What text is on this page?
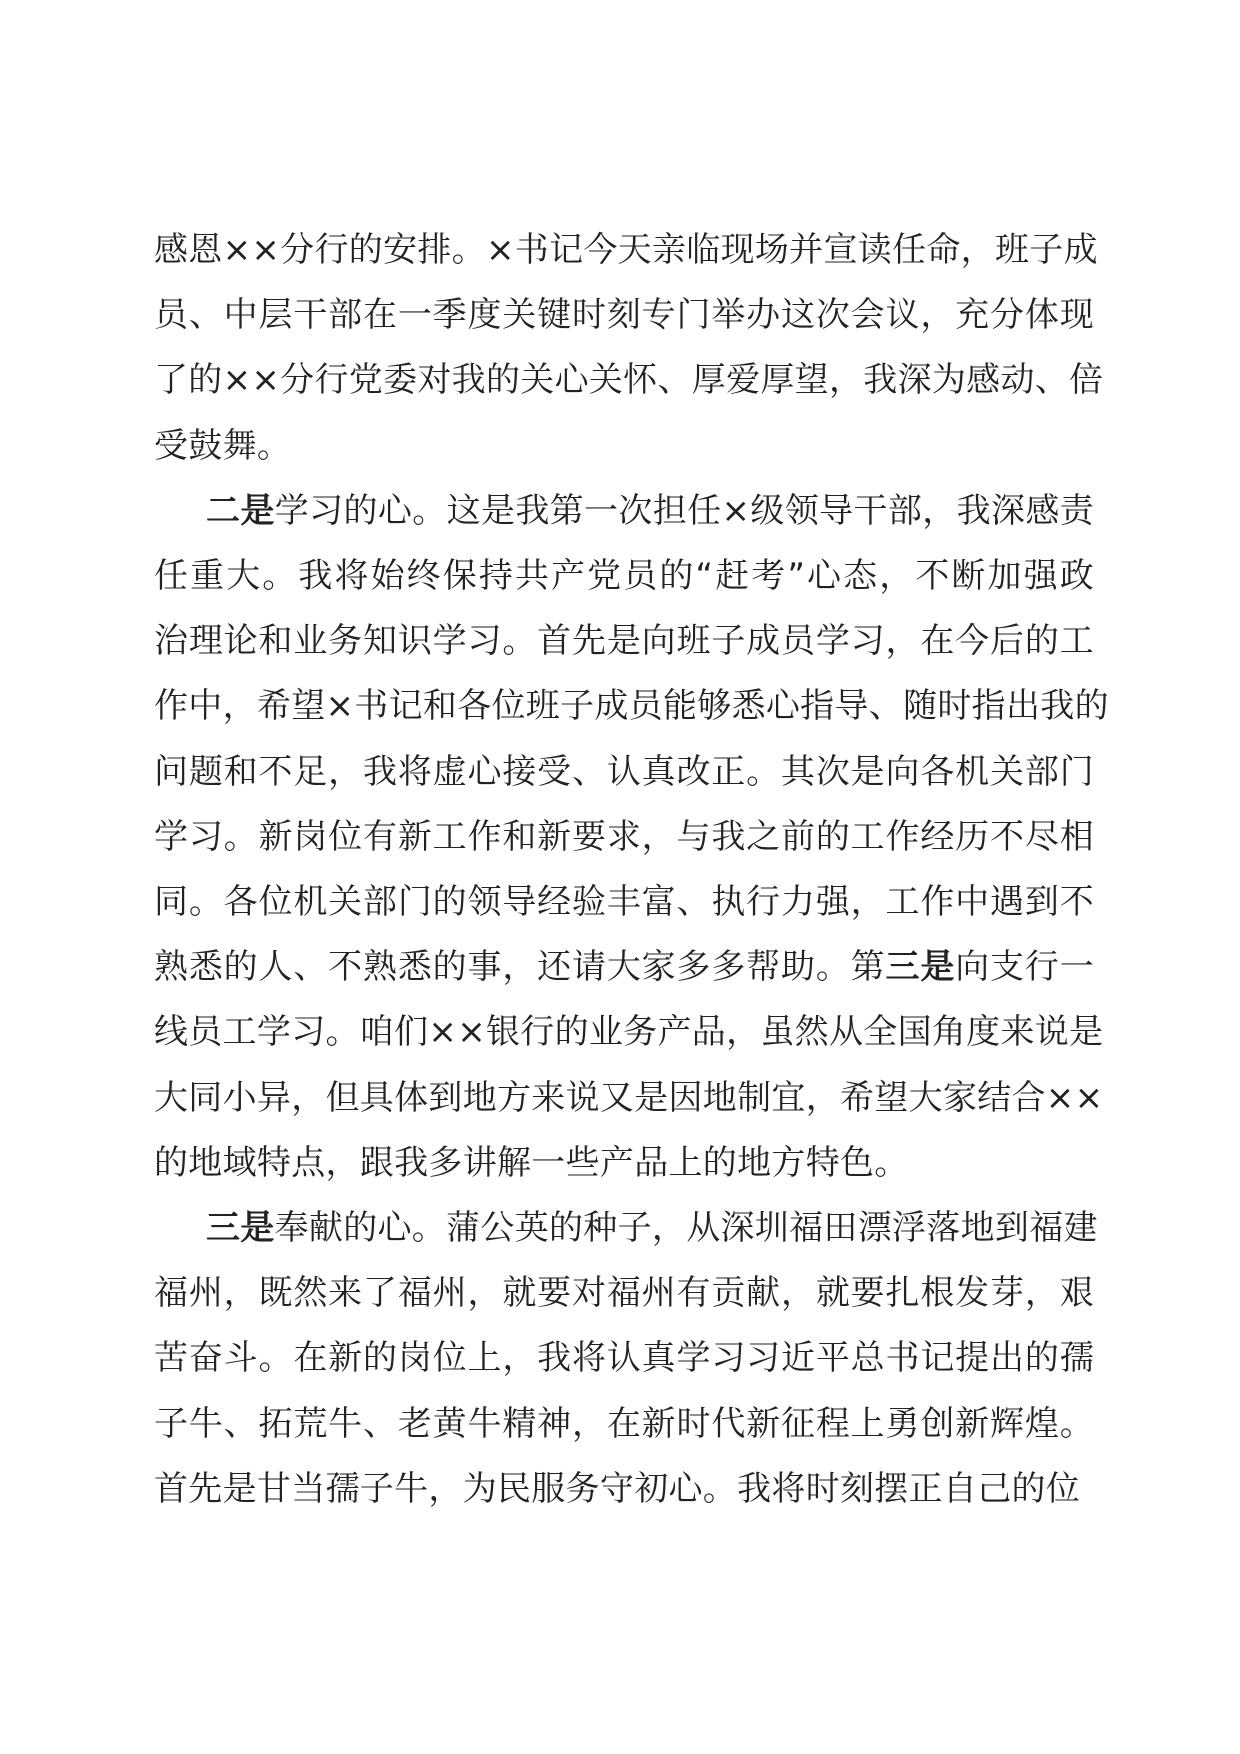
感恩××分行的安排。×书记今天亲临现场并宣读任命，班子成
员、中层干部在一季度关键时刻专门举办这次会议，充分体现
了的××分行党委对我的关心关怀、厚爱厚望，我深为感动、倍
受鼓舞。
二是学习的心。这是我第一次担任×级领导干部，我深感责
任重大。我将始终保持共产党员的“赶考”心态，不断加强政
治理论和业务知识学习。首先是向班子成员学习，在今后的工
作中，希望×书记和各位班子成员能够悉心指导、随时指出我的
问题和不足，我将虚心接受、认真改正。其次是向各机关部门
学习。新岗位有新工作和新要求，与我之前的工作经历不尽相
同。各位机关部门的领导经验丰富、执行力强，工作中遇到不
熟悉的人、不熟悉的事，还请大家多多帮助。第三是向支行一
线员工学习。咱们××银行的业务产品，虽然从全国角度来说是
大同小异，但具体到地方来说又是因地制宜，希望大家结合××
的地域特点，跟我多讲解一些产品上的地方特色。
三是奉献的心。蒲公英的种子，从深圳福田漂浮落地到福建
福州，既然来了福州，就要对福州有贡献，就要扎根发芽，艰
苦奋斗。在新的岗位上，我将认真学习习近平总书记提出的孺
子牛、拓荒牛、老黄牛精神，在新时代新征程上勇创新辉煌。
首先是甘当孺子牛，为民服务守初心。我将时刻摆正自己的位
